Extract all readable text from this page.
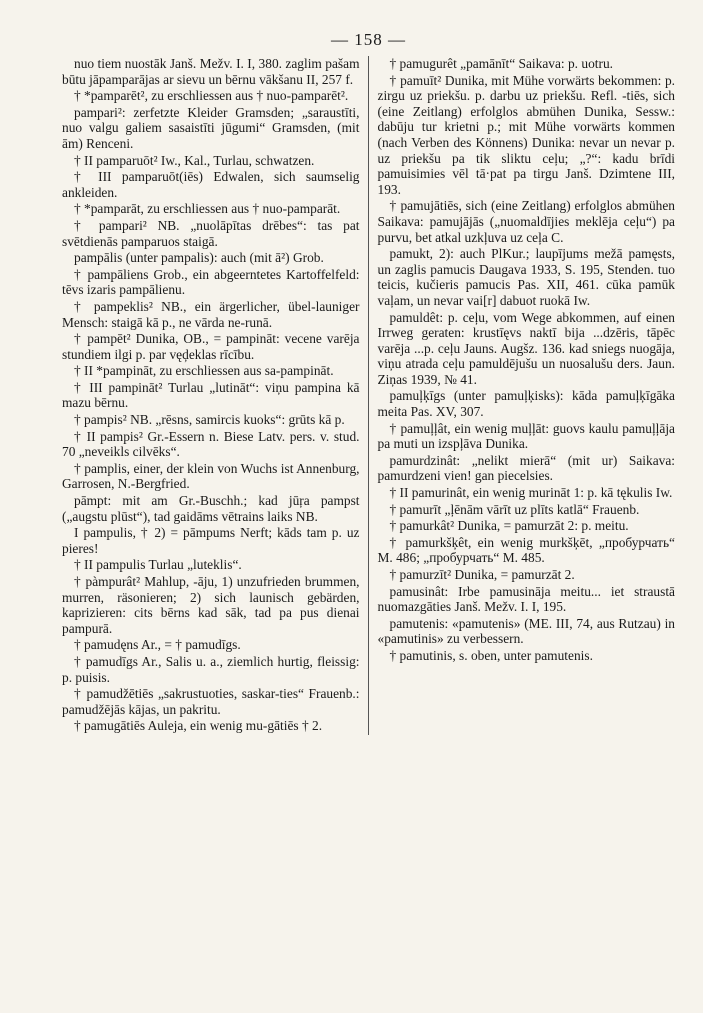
— 158 —

nuo tiem nuostāk Janš. Mežv. I. I, 380. zaglim pašam būtu jāpamparājas ar sievu un bērnu vākšanu II, 257 f.

† *pamparēt², zu erschliessen aus † nuo-pamparēt².

pampari²: zerfetzte Kleider Gramsden; „saraustīti, nuo valgu galiem sasaistīti jūgumi“ Gramsden, (mit ām) Renceni.

† II pamparuōt² Iw., Kal., Turlau, schwatzen.

† III pamparuōt(iēs) Edwalen, sich saumselig ankleiden.

† *pamparāt, zu erschliessen aus † nuo-pamparāt.

† pampari² NB. „nuolāpītas drēbes“: tas pat svētdienās pamparuos staigā.

pampālis (unter pampalis): auch (mit ā²) Grob.

† pampāliens Grob., ein abgeerntetes Kartoffelfeld: tēvs izaris pampālienu.

† pampeklis² NB., ein ärgerlicher, übel-launiger Mensch: staigā kā p., ne vārda ne-runā.

† pampēt² Dunika, OB., = pampināt: vecene varēja stundiem ilgi p. par vęḑeklas rīcību.

† II *pampināt, zu erschliessen aus sa-pampināt.

† III pampināt² Turlau „lutināt“: viņu pampina kā mazu bērnu.

† pampis² NB. „rēsns, samircis kuoks“: grūts kā p.

† II pampis² Gr.-Essern n. Biese Latv. pers. v. stud. 70 „neveikls cilvēks“.

† pamplis, einer, der klein von Wuchs ist Annenburg, Garrosen, N.-Bergfried.

pāmpt: mit am Gr.-Buschh.; kad jūŗa pampst („augstu plūst“), tad gaidāms vētrains laiks NB.

I pampulis, † 2) = pāmpums Nerft; kāds tam p. uz pieres!

† II pampulis Turlau „luteklis“.

† pàmpurât² Mahlup, -āju, 1) unzufrieden brummen, murren, räsonieren; 2) sich launisch gebärden, kaprizieren: cits bērns kad sāk, tad pa pus dienai pampurā.

† pamudęns Ar., = † pamudīgs.

† pamudīgs Ar., Salis u. a., ziemlich hurtig, fleissig: p. puisis.

† pamudžētiēs „sakrustuoties, saskar-ties“ Frauenb.: pamudžējās kājas, un pakritu.

† pamugātiēs Auleja, ein wenig mu-gātiēs † 2.

† pamugurêt „pamānīt“ Saikava: p. uotru.

† pamuīt² Dunika, mit Mühe vorwärts bekommen: p. zirgu uz priekšu. p. darbu uz priekšu. Refl. -tiēs, sich (eine Zeitlang) erfolglos abmühen Dunika, Sessw.: dabūju tur krietni p.; mit Mühe vorwärts kommen (nach Verben des Könnens) Dunika: nevar un nevar p. uz priekšu pa tik sliktu ceļu; „?“: kadu brīdi pamuisimies vēl tā·pat pa tirgu Janš. Dzimtene III, 193.

† pamujātiēs, sich (eine Zeitlang) erfolglos abmühen Saikava: pamujājās („nuomaldījies meklēja ceļu“) pa purvu, bet atkal uzkļuva uz ceļa C.

pamukt, 2): auch PlKur.; laupījums mežā pamęsts, un zaglis pamucis Daugava 1933, S. 195, Stenden. tuo teicis, kučieris pamucis Pas. XII, 461. cūka pamūk vaļam, un nevar vai[r] dabuot ruokā Iw.

pamuldêt: p. ceļu, vom Wege abkommen, auf einen Irrweg geraten: krustīęvs naktī bija ...dzēris, tāpēc varēja ...p. ceļu Jauns. Augšz. 136. kad sniegs nuogāja, viņu atrada ceļu pamuldējušu un nuosalušu ders. Jaun. Ziņas 1939, № 41.

pamuļķīgs (unter pamuļķisks): kāda pamuļķīgāka meita Pas. XV, 307.

† pamuļļât, ein wenig muļļāt: guovs kaulu pamuļļāja pa muti un izspļāva Dunika.

pamurdzinât: „nelikt mierā“ (mit ur) Saikava: pamurdzeni vien! gan piecelsies.

† II pamurinât, ein wenig murināt 1: p. kā tękulis Iw.

† pamurīt „ļēnām vārīt uz plīts katlā“ Frauenb.

† pamurkât² Dunika, = pamurzāt 2: p. meitu.

† pamurkšķêt, ein wenig murkšķēt, „пробурчать“ M. 486; „пробурчать“ M. 485.

† pamurzīt² Dunika, = pamurzāt 2.

pamusinât: Irbe pamusināja meitu... iet straustā nuomazgāties Janš. Mežv. I. I, 195.

pamutenis: «pamutenis» (ME. III, 74, aus Rutzau) in «pamutinis» zu verbessern.

† pamutinis, s. oben, unter pamutenis.
